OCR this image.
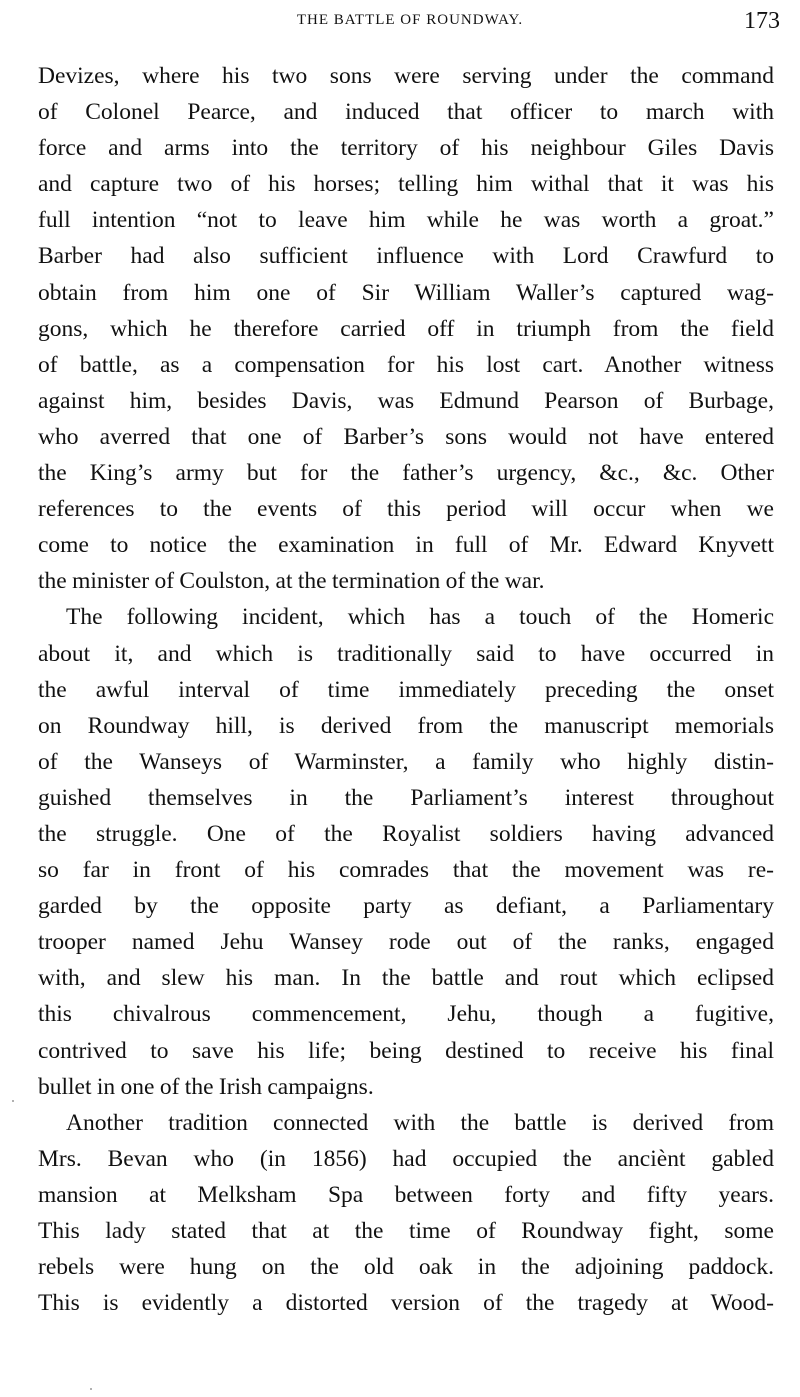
THE BATTLE OF ROUNDWAY.	173
Devizes, where his two sons were serving under the command
of Colonel Pearce, and induced that officer to march with
force and arms into the territory of his neighbour Giles Davis
and capture two of his horses; telling him withal that it was his
full intention “not to leave him while he was worth a groat.”
Barber had also sufficient influence with Lord Crawfurd to
obtain from him one of Sir William Waller’s captured wag-
gons, which he therefore carried off in triumph from the field
of battle, as a compensation for his lost cart. Another witness
against him, besides Davis, was Edmund Pearson of Burbage,
who averred that one of Barber’s sons would not have entered
the King’s army but for the father’s urgency, &c., &c. Other
references to the events of this period will occur when we
come to notice the examination in full of Mr. Edward Knyvett
the minister of Coulston, at the termination of the war.
The following incident, which has a touch of the Homeric
about it, and which is traditionally said to have occurred in
the awful interval of time immediately preceding the onset
on Roundway hill, is derived from the manuscript memorials
of the Wanseys of Warminster, a family who highly distin-
guished themselves in the Parliament’s interest throughout
the struggle. One of the Royalist soldiers having advanced
so far in front of his comrades that the movement was re-
garded by the opposite party as defiant, a Parliamentary
trooper named Jehu Wansey rode out of the ranks, engaged
with, and slew his man. In the battle and rout which eclipsed
this chivalrous commencement, Jehu, though a fugitive,
contrived to save his life; being destined to receive his final
bullet in one of the Irish campaigns.
Another tradition connected with the battle is derived from
Mrs. Bevan who (in 1856) had occupied the anciènt gabled
mansion at Melksham Spa between forty and fifty years.
This lady stated that at the time of Roundway fight, some
rebels were hung on the old oak in the adjoining paddock.
This is evidently a distorted version of the tragedy at Wood-
